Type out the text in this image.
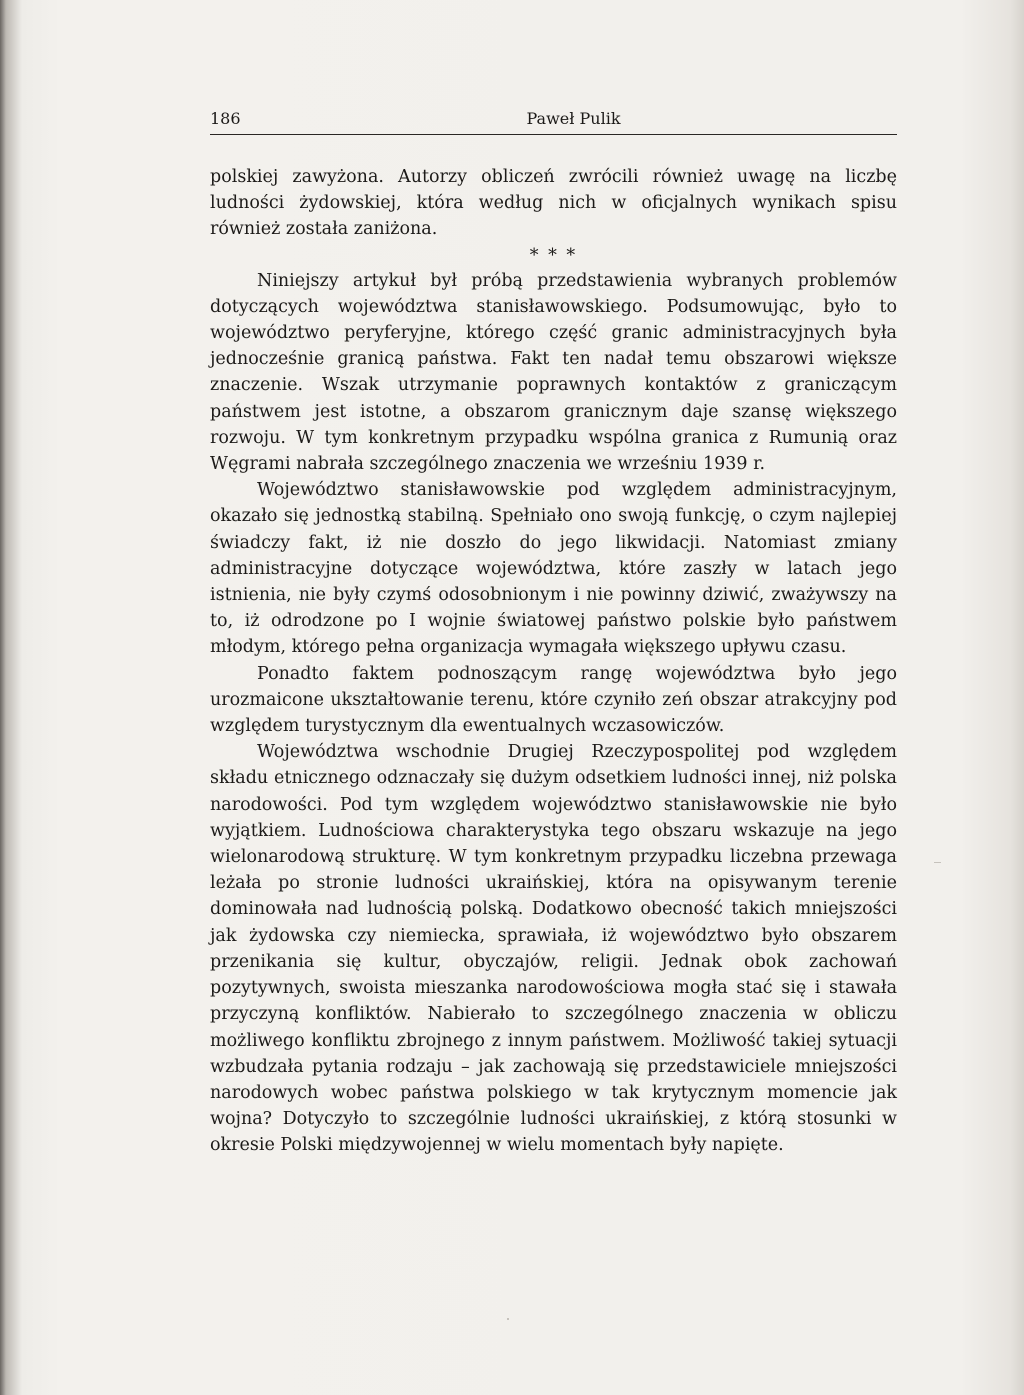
186	Paweł Pulik

polskiej zawyżona. Autorzy obliczeń zwrócili również uwagę na liczbę ludności żydowskiej, która według nich w oficjalnych wynikach spisu również została zaniżona.

* * *

Niniejszy artykuł był próbą przedstawienia wybranych problemów dotyczących województwa stanisławowskiego. Podsumowując, było to województwo peryferyjne, którego część granic administracyjnych była jednocześnie granicą państwa. Fakt ten nadał temu obszarowi większe znaczenie. Wszak utrzymanie poprawnych kontaktów z graniczącym państwem jest istotne, a obszarom granicznym daje szansę większego rozwoju. W tym konkretnym przypadku wspólna granica z Rumunią oraz Węgrami nabrała szczególnego znaczenia we wrześniu 1939 r.

Województwo stanisławowskie pod względem administracyjnym, okazało się jednostką stabilną. Spełniało ono swoją funkcję, o czym najlepiej świadczy fakt, iż nie doszło do jego likwidacji. Natomiast zmiany administracyjne dotyczące województwa, które zaszły w latach jego istnienia, nie były czymś odosobnionym i nie powinny dziwić, zważywszy na to, iż odrodzone po I wojnie światowej państwo polskie było państwem młodym, którego pełna organizacja wymagała większego upływu czasu.

Ponadto faktem podnoszącym rangę województwa było jego urozmaicone ukształtowanie terenu, które czyniło zeń obszar atrakcyjny pod względem turystycznym dla ewentualnych wczasowiczów.

Województwa wschodnie Drugiej Rzeczypospolitej pod względem składu etnicznego odznaczały się dużym odsetkiem ludności innej, niż polska narodowości. Pod tym względem województwo stanisławowskie nie było wyjątkiem. Ludnościowa charakterystyka tego obszaru wskazuje na jego wielonarodową strukturę. W tym konkretnym przypadku liczebna przewaga leżała po stronie ludności ukraińskiej, która na opisywanym terenie dominowała nad ludnością polską. Dodatkowo obecność takich mniejszości jak żydowska czy niemiecka, sprawiała, iż województwo było obszarem przenikania się kultur, obyczajów, religii. Jednak obok zachowań pozytywnych, swoista mieszanka narodowościowa mogła stać się i stawała przyczyną konfliktów. Nabierało to szczególnego znaczenia w obliczu możliwego konfliktu zbrojnego z innym państwem. Możliwość takiej sytuacji wzbudzała pytania rodzaju – jak zachowają się przedstawiciele mniejszości narodowych wobec państwa polskiego w tak krytycznym momencie jak wojna? Dotyczyło to szczególnie ludności ukraińskiej, z którą stosunki w okresie Polski międzywojennej w wielu momentach były napięte.
